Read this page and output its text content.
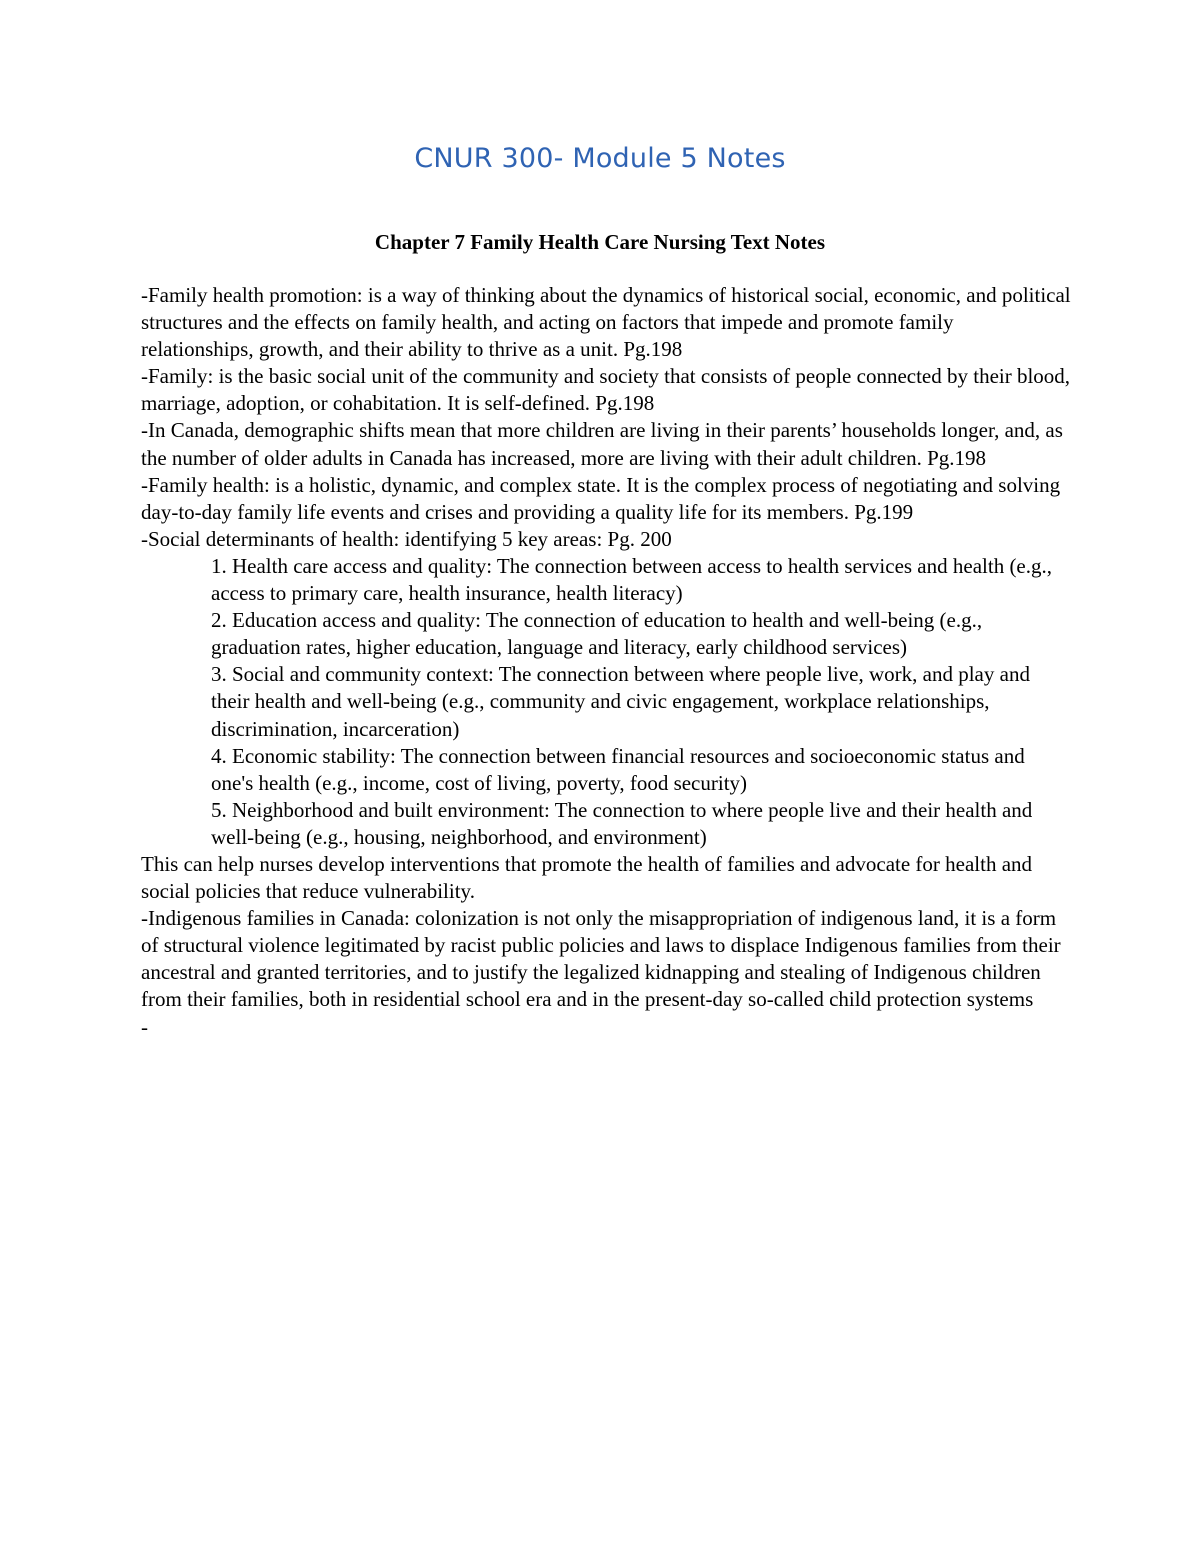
CNUR 300- Module 5 Notes
Chapter 7 Family Health Care Nursing Text Notes

-Family health promotion: is a way of thinking about the dynamics of historical social, economic, and political structures and the effects on family health, and acting on factors that impede and promote family relationships, growth, and their ability to thrive as a unit. Pg.198

-Family: is the basic social unit of the community and society that consists of people connected by their blood, marriage, adoption, or cohabitation. It is self-defined. Pg.198

-In Canada, demographic shifts mean that more children are living in their parents’ households longer, and, as the number of older adults in Canada has increased, more are living with their adult children. Pg.198

-Family health: is a holistic, dynamic, and complex state. It is the complex process of negotiating and solving day-to-day family life events and crises and providing a quality life for its members. Pg.199

-Social determinants of health: identifying 5 key areas: Pg. 200

1. Health care access and quality: The connection between access to health services and health (e.g., access to primary care, health insurance, health literacy)

2. Education access and quality: The connection of education to health and well-being (e.g., graduation rates, higher education, language and literacy, early childhood services)

3. Social and community context: The connection between where people live, work, and play and their health and well-being (e.g., community and civic engagement, workplace relationships, discrimination, incarceration)

4. Economic stability: The connection between financial resources and socioeconomic status and one's health (e.g., income, cost of living, poverty, food security)

5. Neighborhood and built environment: The connection to where people live and their health and well-being (e.g., housing, neighborhood, and environment)

This can help nurses develop interventions that promote the health of families and advocate for health and social policies that reduce vulnerability.

-Indigenous families in Canada: colonization is not only the misappropriation of indigenous land, it is a form of structural violence legitimated by racist public policies and laws to displace Indigenous families from their ancestral and granted territories, and to justify the legalized kidnapping and stealing of Indigenous children from their families, both in residential school era and in the present-day so-called child protection systems

-
